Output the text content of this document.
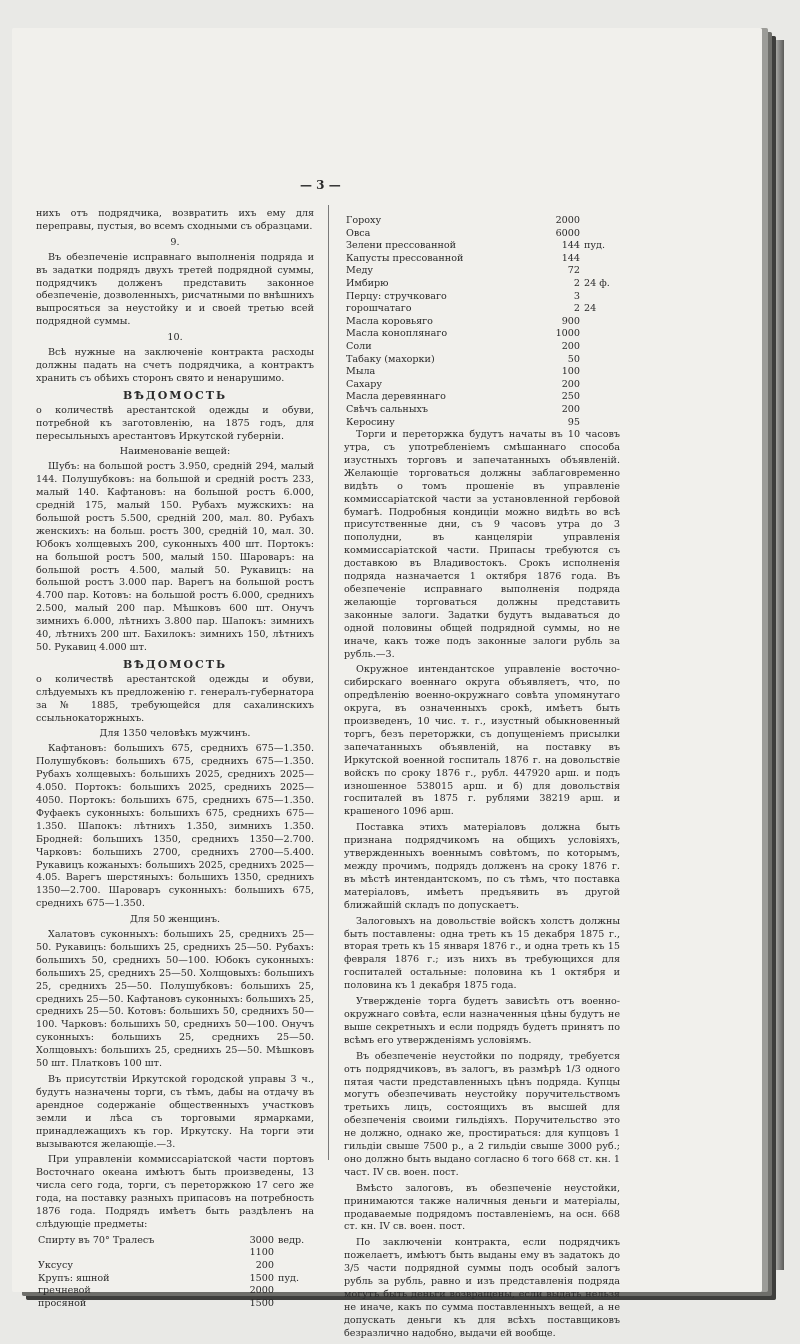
— 3 —

нихъ отъ подрядчика, возвратить ихъ ему для переправы, пустыя, во всемъ сходными съ образцами.

9.

Въ обезпеченіе исправнаго выполненія подряда и въ задатки подрядъ двухъ третей подрядной суммы, подрядчикъ долженъ представить законное обезпеченіе, дозволенныхъ, рисчатными по внѣшнихъ выпросяться за неустойку и и своей третью всей подрядной суммы.

10.

Всѣ нужные на заключеніе контракта расходы должны падать на счетъ подрядчика, а контрактъ хранить съ обѣихъ сторонъ свято и ненарушимо.

ВѢДОМОСТЬ

о количествѣ арестантской одежды и обуви, потребной къ заготовленію, на 1875 годъ, для пересыльныхъ арестантовъ Иркутской губерніи.

Наименованіе вещей:

Шубъ: на большой ростъ 3.950, средній 294, малый 144. Полушубковъ: на большой и средній ростъ 233, малый 140. Кафтановъ: на большой ростъ 6.000, средній 175, малый 150. Рубахъ мужскихъ: на большой ростъ 5.500, средній 200, мал. 80. Рубахъ женскихъ: на больш. ростъ 300, средній 10, мал. 30. Юбокъ холщевыхъ 200, суконныхъ 400 шт. Портокъ: на большой ростъ 500, малый 150. Шароваръ: на большой ростъ 4.500, малый 50. Рукавицъ: на большой ростъ 3.000 пар. Варегъ на большой ростъ 4.700 пар. Котовъ: на большой ростъ 6.000, среднихъ 2.500, малый 200 пар. Мѣшковъ 600 шт. Онучъ зимнихъ 6.000, лѣтнихъ 3.800 пар. Шапокъ: зимнихъ 40, лѣтнихъ 200 шт. Бахилокъ: зимнихъ 150, лѣтнихъ 50. Рукавиц 4.000 шт.

ВѢДОМОСТЬ

о количествѣ арестантской одежды и обуви, слѣдуемыхъ къ предложенію г. генералъ-губернатора за № 1885, требующейся для сахалинскихъ ссыльнокаторжныхъ.

Для 1350 человѣкъ мужчинъ.

Кафтановъ: большихъ 675, среднихъ 675—1.350. Полушубковъ: большихъ 675, среднихъ 675—1.350. Рубахъ холщевыхъ: большихъ 2025, среднихъ 2025—4.050. Портокъ: большихъ 2025, среднихъ 2025—4050. Портокъ: большихъ 675, среднихъ 675—1.350. Фуфаекъ суконныхъ: большихъ 675, среднихъ 675—1.350. Шапокъ: лѣтнихъ 1.350, зимнихъ 1.350. Бродней: большихъ 1350, среднихъ 1350—2.700. Чарковъ: большихъ 2700, среднихъ 2700—5.400. Рукавицъ кожаныхъ: большихъ 2025, среднихъ 2025—4.05. Варегъ шерстяныхъ: большихъ 1350, среднихъ 1350—2.700. Шароваръ суконныхъ: большихъ 675, среднихъ 675—1.350.

Для 50 женщинъ.

Халатовъ суконныхъ: большихъ 25, среднихъ 25—50. Рукавицъ: большихъ 25, среднихъ 25—50. Рубахъ: большихъ 50, среднихъ 50—100. Юбокъ суконныхъ: большихъ 25, среднихъ 25—50. Холщовыхъ: большихъ 25, среднихъ 25—50. Полушубковъ: большихъ 25, среднихъ 25—50. Кафтановъ суконныхъ: большихъ 25, среднихъ 25—50. Котовъ: большихъ 50, среднихъ 50—100. Чарковъ: большихъ 50, среднихъ 50—100. Онучъ суконныхъ: большихъ 25, среднихъ 25—50. Холщовыхъ: большихъ 25, среднихъ 25—50. Мѣшковъ 50 шт. Платковъ 100 шт.

Въ присутствіи Иркутской городской управы 3 ч., будутъ назначены торги, съ тѣмъ, дабы на отдачу въ арендное содержаніе общественныхъ участковъ земли и лѣса съ торговыми ярмарками, принадлежащихъ къ гор. Иркутску. На торги эти вызываются желающіе.—3.

При управленіи коммиссаріатской части портовъ Восточнаго океана имѣютъ быть произведены, 13 числа сего года, торги, съ переторжкою 17 сего же года, на поставку разныхъ припасовъ на потребность 1876 года. Подрядъ имѣетъ быть раздѣленъ на слѣдующіе предметы:

Спирту въ 70° Тралесъ	3000	ведр.
	1100	
Уксусу	200	
Крупъ: яшной	1500	пуд.
гречневой	2000	
просяной	1500	
Гороху	2000	
Овса	6000	
Зелени прессованной	144	пуд.
Капусты прессованной	144	
Меду	72	
Имбирю	2	24 ф.
Перцу: стручковаго	3	
горошчатаго	2	24
Масла коровьяго	900	
Масла коноплянаго	1000	
Соли	200	
Табаку (махорки)	50	
Мыла	100	
Сахару	200	
Масла деревяннаго	250	
Свѣчъ сальныхъ	200	
Керосину	95	

Торги и переторжка будутъ начаты въ 10 часовъ утра, съ употребленіемъ смѣшаннаго способа изустныхъ торговъ и запечатанныхъ объявленій. Желающіе торговаться должны заблаговременно видѣть о томъ прошеніе въ управленіе коммиссаріатской части за установленной гербовой бумагѣ. Подробныя кондиціи можно видѣть во всѣ присутственные дни, съ 9 часовъ утра до 3 пополудни, въ канцеляріи управленія коммиссаріатской части. Припасы требуются съ доставкою въ Владивостокъ. Срокъ исполненія подряда назначается 1 октября 1876 года. Въ обезпеченіе исправнаго выполненія подряда желающіе торговаться должны представить законные залоги. Задатки будутъ выдаваться до одной половины общей подрядной суммы, но не иначе, какъ тоже подъ законные залоги рубль за рубль.—3.

Окружное интендантское управленіе восточно-сибирскаго военнаго округа объявляетъ, что, по опредѣленію военно-окружнаго совѣта упомянутаго округа, въ означенныхъ срокѣ, имѣетъ быть произведенъ, 10 чис. т. г., изустный обыкновенный торгъ, безъ переторжки, съ допущеніемъ присылки запечатанныхъ объявленій, на поставку въ Иркутской военной госпиталь 1876 г. на довольствіе войскъ по сроку 1876 г., рубл. 447920 арш. и подъ изношенное 538015 арш. и б) для довольствія госпиталей въ 1875 г. рублями 38219 арш. и крашеного 1096 арш.

Поставка этихъ матеріаловъ должна быть признана подрядчикомъ на общихъ условіяхъ, утвержденныхъ военнымъ совѣтомъ, по которымъ, между прочимъ, подрядъ долженъ на сроку 1876 г. въ мѣстѣ интендантскомъ, по съ тѣмъ, что поставка матеріаловъ, имѣетъ предъявить въ другой ближайшій складъ по допускаетъ.

Залоговыхъ на довольствіе войскъ холстъ должны быть поставлены: одна треть къ 15 декабря 1875 г., вторая треть къ 15 января 1876 г., и одна треть къ 15 февраля 1876 г.; изъ нихъ въ требующихся для госпиталей остальные: половина къ 1 октября и половина къ 1 декабря 1875 года.

Утвержденіе торга будетъ зависѣть отъ военно-окружнаго совѣта, если назначенныя цѣны будутъ не выше секретныхъ и если подрядъ будетъ принятъ по всѣмъ его утвержденіямъ условіямъ.

Въ обезпеченіе неустойки по подряду, требуется отъ подрядчиковъ, въ залогъ, въ размѣрѣ 1/3 одного пятая части представленныхъ цѣнъ подряда. Купцы могутъ обезпечивать неустойку поручительствомъ третьихъ лицъ, состоящихъ въ высшей для обезпеченія своими гильдіяхъ. Поручительство это не должно, однако же, простираться: для купцовъ 1 гильдіи свыше 7500 р., а 2 гильдіи свыше 3000 руб.; оно должно быть выдано согласно 6 того 668 ст. кн. 1 част. IV св. воен. пост.

Вмѣсто залоговъ, въ обезпеченіе неустойки, принимаются также наличныя деньги и матеріалы, продаваемые подрядомъ поставленіемъ, на осн. 668 ст. кн. IV св. воен. пост.

По заключеніи контракта, если подрядчикъ пожелаетъ, имѣютъ быть выданы ему въ задатокъ до 3/5 части подрядной суммы подъ особый залогъ рубль за рубль, равно и изъ представленія подряда могутъ быть деньги возвращены, если выдать нельзя не иначе, какъ по сумма поставленныхъ вещей, а не допускать деньги къ для всѣхъ поставщиковъ безразлично надобно, выдачи ей вообще.
